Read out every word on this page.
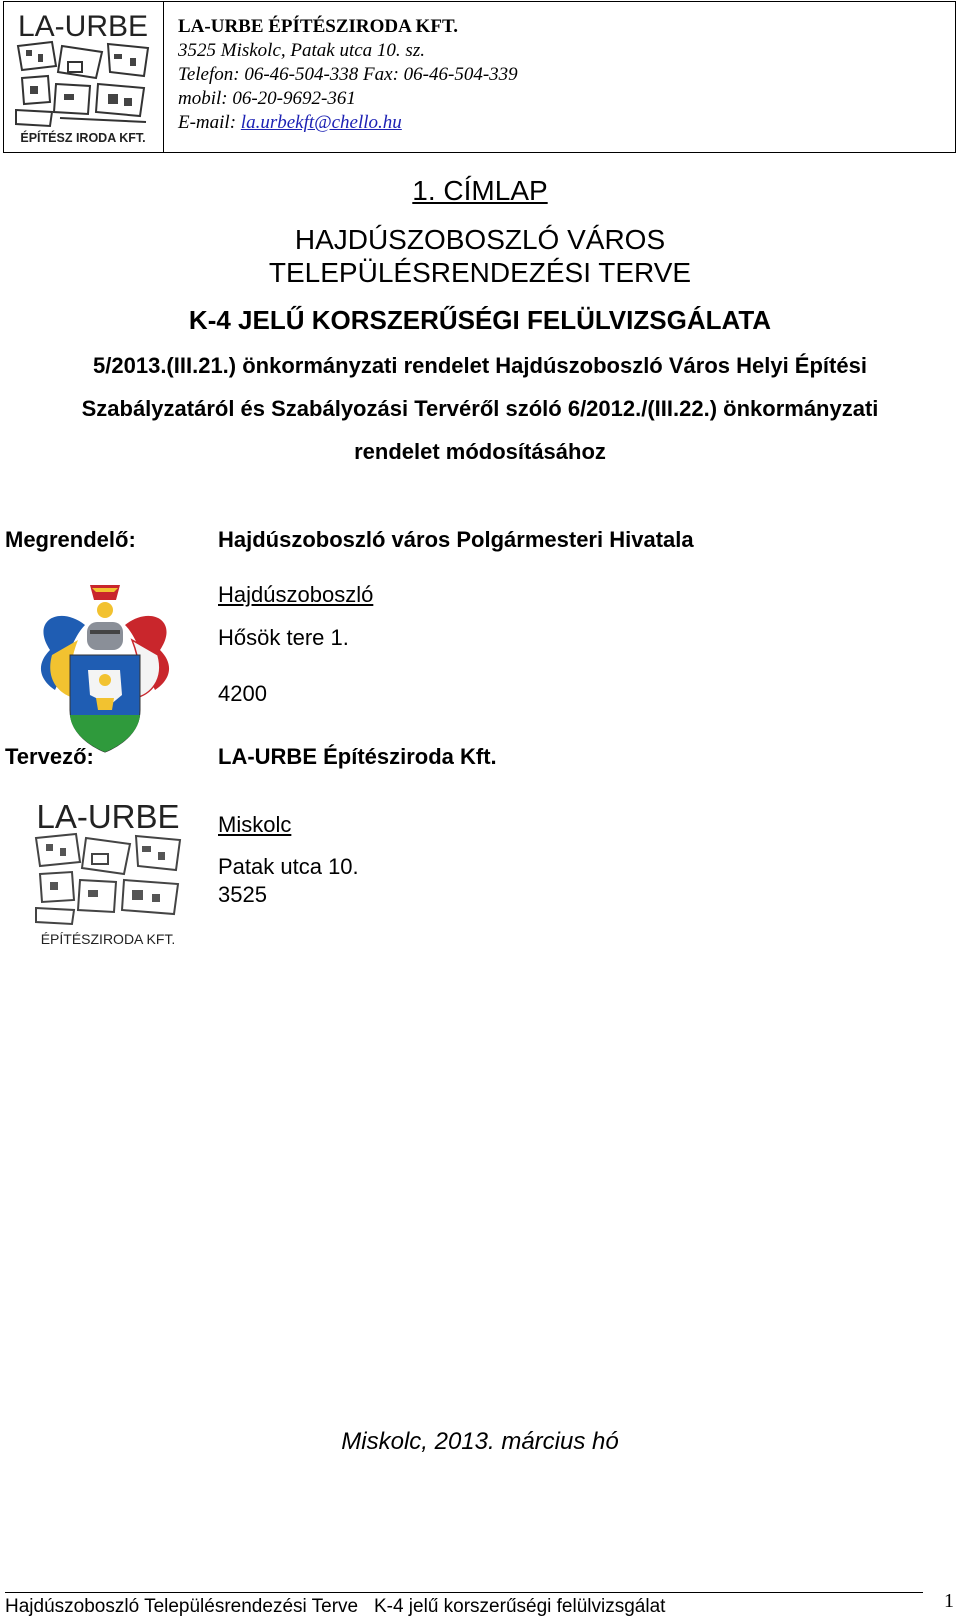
LA-URBE
ÉPÍTÉSZ IRODA KFT.
LA-URBE ÉPÍTÉSZIRODA KFT.
3525 Miskolc, Patak utca 10. sz.
Telefon: 06-46-504-338 Fax: 06-46-504-339
mobil: 06-20-9692-361
E-mail: la.urbekft@chello.hu
1. CÍMLAP
HAJDÚSZOBOSZLÓ VÁROS
TELEPÜLÉSRENDEZÉSI TERVE
K-4 JELŰ KORSZERŰSÉGI FELÜLVIZSGÁLATA
5/2013.(III.21.) önkormányzati rendelet Hajdúszoboszló Város Helyi Építési
Szabályzatáról és Szabályozási Tervéről szóló 6/2012./(III.22.) önkormányzati
rendelet módosításához
Megrendelő:	Hajdúszoboszló város Polgármesteri Hivatala
Hajdúszoboszló
Hősök tere 1.
4200
Tervező:	LA-URBE Építésziroda Kft.
Miskolc
Patak utca 10.
3525
LA-URBE
ÉPÍTÉSZIRODA KFT.
Miskolc, 2013. március hó
Hajdúszoboszló Településrendezési Terve   K-4 jelű korszerűségi felülvizsgálat	1
